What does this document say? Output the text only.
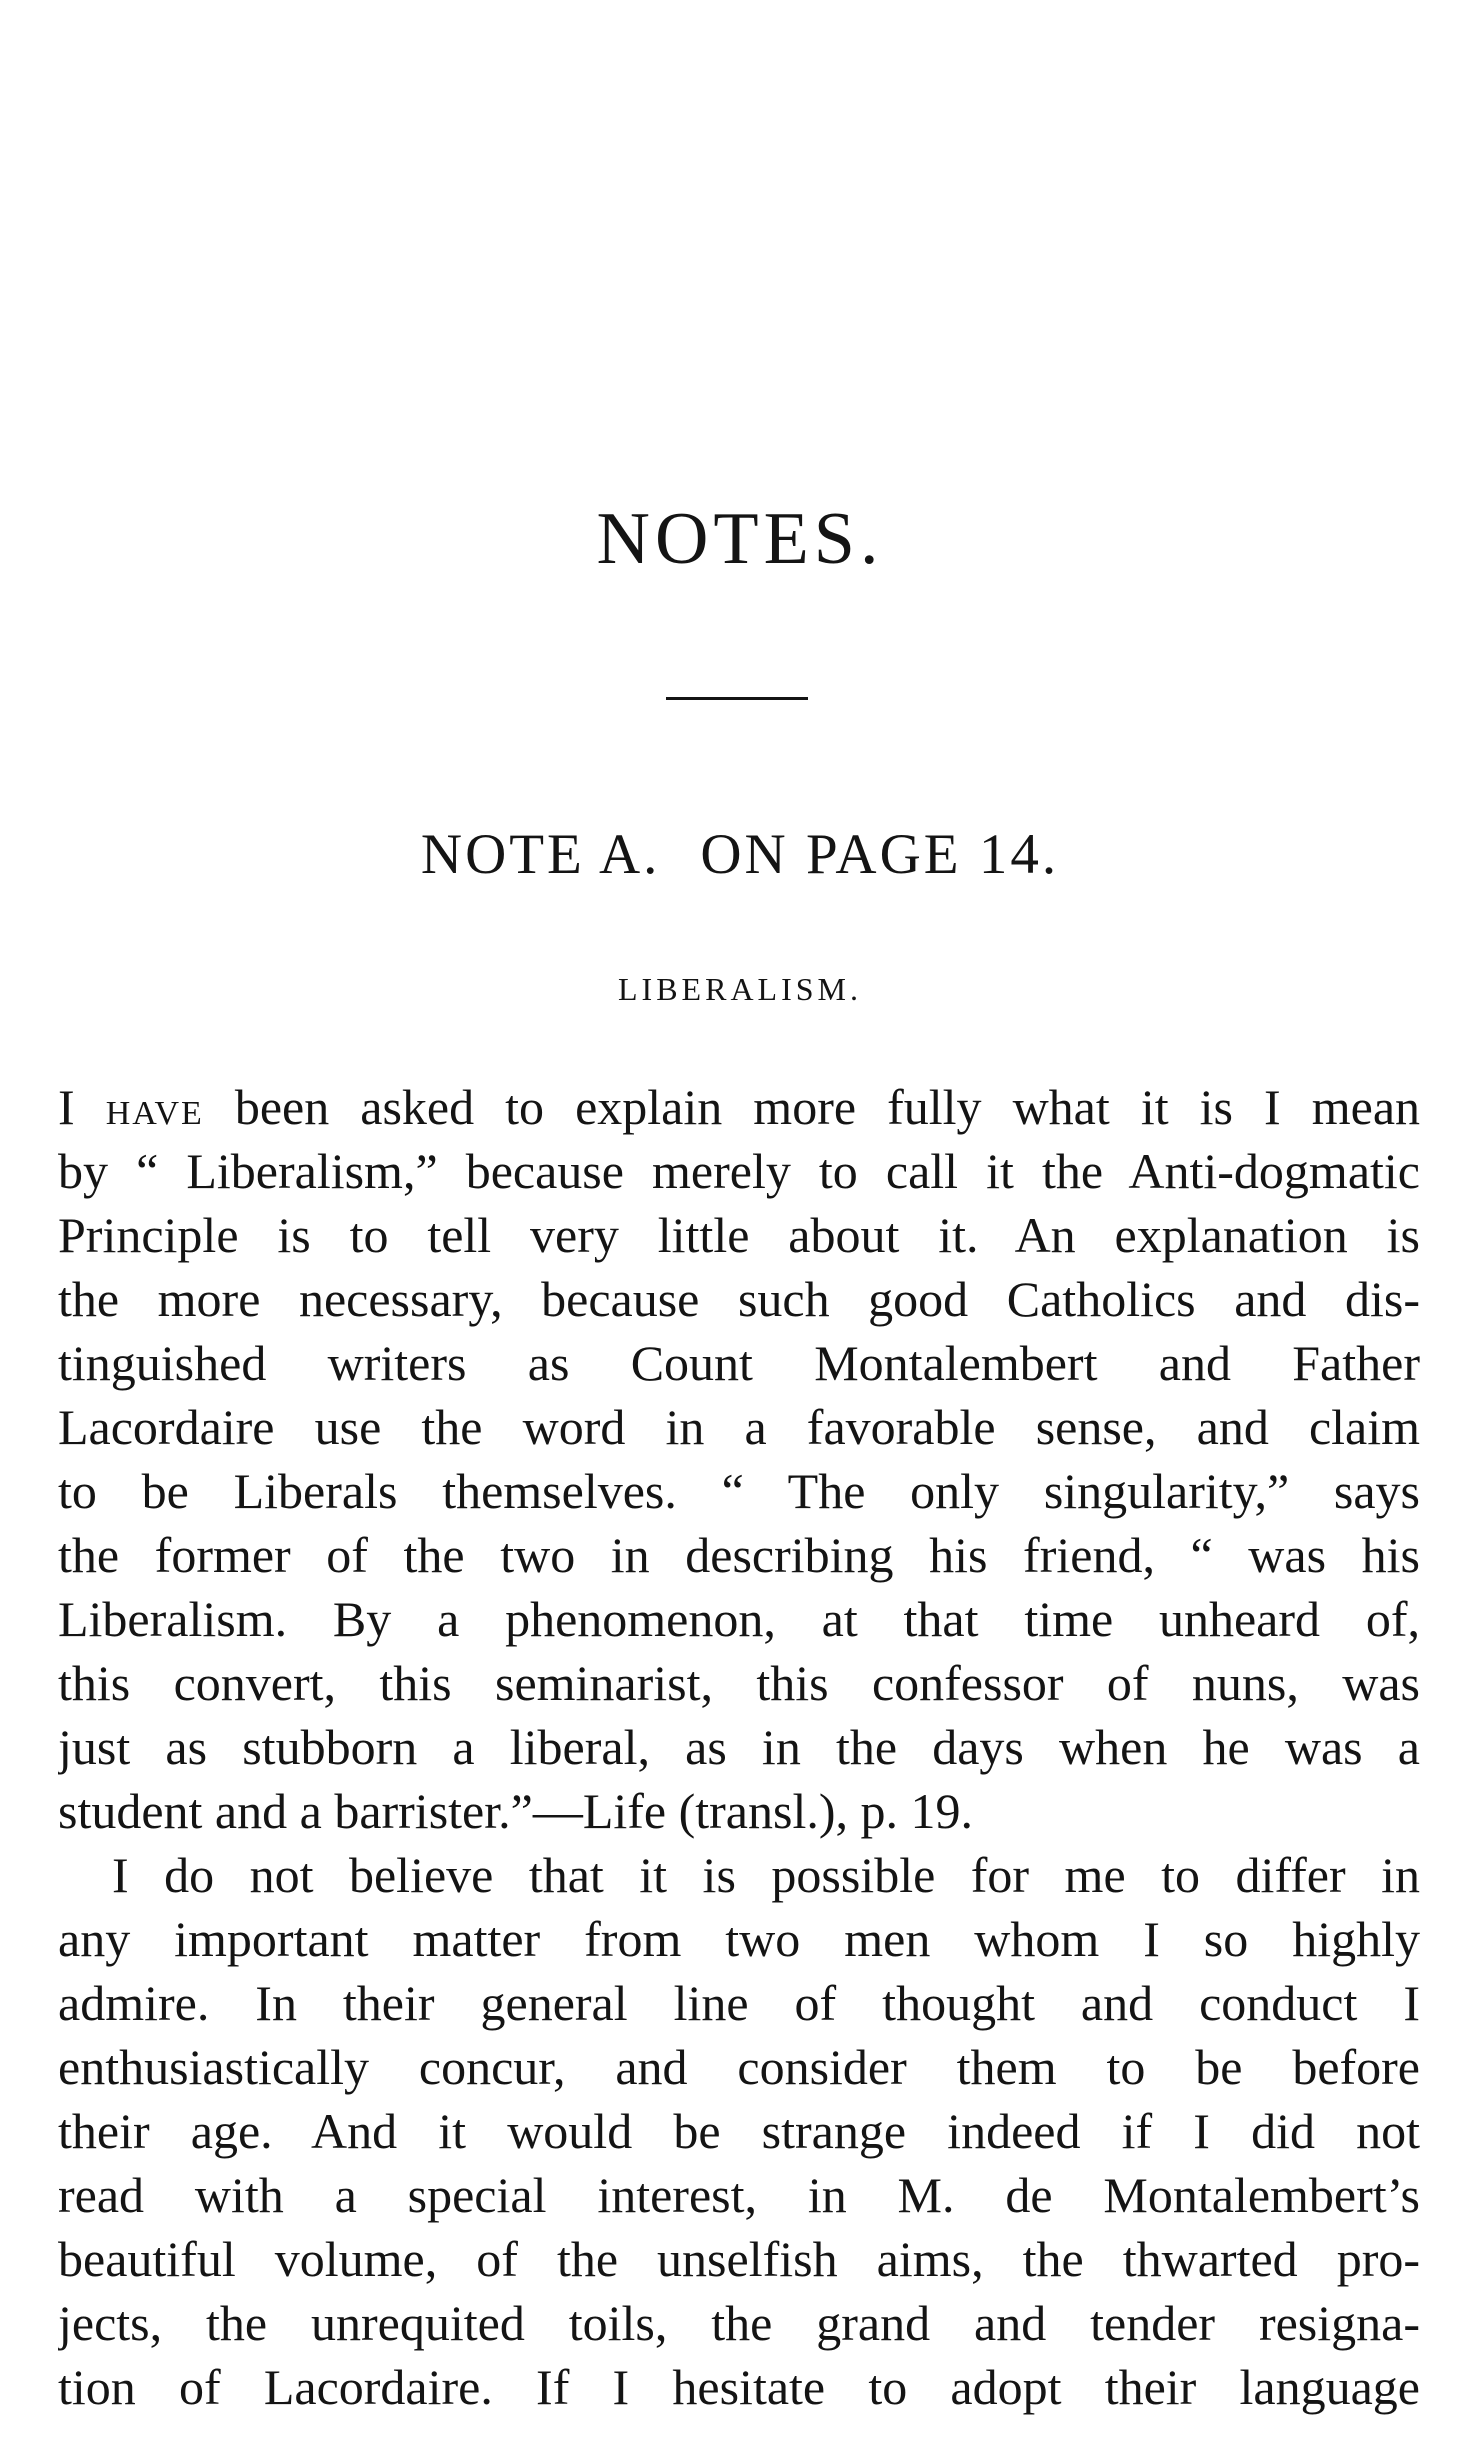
NOTES.
NOTE A. ON PAGE 14.
LIBERALISM.
I HAVE been asked to explain more fully what it is I mean
by “ Liberalism,” because merely to call it the Anti-dogmatic
Principle is to tell very little about it. An explanation is
the more necessary, because such good Catholics and dis-
tinguished writers as Count Montalembert and Father
Lacordaire use the word in a favorable sense, and claim
to be Liberals themselves. “ The only singularity,” says
the former of the two in describing his friend, “ was his
Liberalism. By a phenomenon, at that time unheard of,
this convert, this seminarist, this confessor of nuns, was
just as stubborn a liberal, as in the days when he was a
student and a barrister.”—Life (transl.), p. 19.
I do not believe that it is possible for me to differ in
any important matter from two men whom I so highly
admire. In their general line of thought and conduct I
enthusiastically concur, and consider them to be before
their age. And it would be strange indeed if I did not
read with a special interest, in M. de Montalembert’s
beautiful volume, of the unselfish aims, the thwarted pro-
jects, the unrequited toils, the grand and tender resigna-
tion of Lacordaire. If I hesitate to adopt their language
